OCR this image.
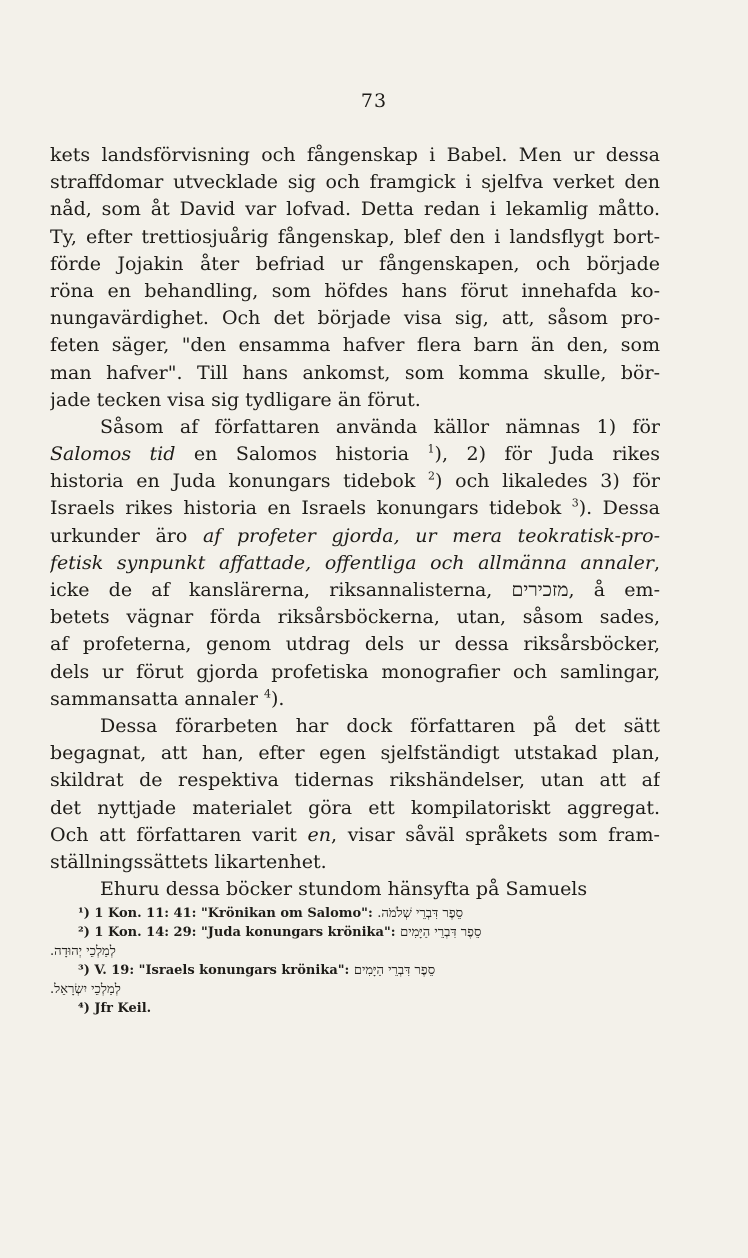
73
kets landsförvisning och fångenskap i Babel. Men ur dessa
straffdomar utvecklade sig och framgick i sjelfva verket den
nåd, som åt David var lofvad. Detta redan i lekamlig måtto.
Ty, efter trettiosjuårig fångenskap, blef den i landsflygt bort-
förde Jojakin åter befriad ur fångenskapen, och började
röna en behandling, som höfdes hans förut innehafda ko-
nungavärdighet. Och det började visa sig, att, såsom pro-
feten säger, "den ensamma hafver flera barn än den, som
man hafver". Till hans ankomst, som komma skulle, bör-
jade tecken visa sig tydligare än förut.
Såsom af författaren använda källor nämnas 1) för
Salomos tid en Salomos historia $^1$), 2) för Juda rikes
historia en Juda konungars tidebok $^2$) och likaledes 3) för
Israels rikes historia en Israels konungars tidebok $^3$). Dessa
urkunder äro af profeter gjorda, ur mera teokratisk-pro-
fetisk synpunkt affattade, offentliga och allmänna annaler,
icke de af kanslärerna, riksannalisterna, מזכירים, å em-
betets vägnar förda riksårsböckerna, utan, såsom sades,
af profeterna, genom utdrag dels ur dessa riksårsböcker,
dels ur förut gjorda profetiska monografier och samlingar,
sammansatta annaler $^4$).
Dessa förarbeten har dock författaren på det sätt
begagnat, att han, efter egen sjelfständigt utstakad plan,
skildrat de respektiva tidernas rikshändelser, utan att af
det nyttjade materialet göra ett kompilatoriskt aggregat.
Och att författaren varit en, visar såväl språkets som fram-
ställningssättets likartenhet.
Ehuru dessa böcker stundom hänsyfta på Samuels
¹) 1 Kon. 11: 41: "Krönikan om Salomo": סֵפֶר דִּבְרֵי שְׁלֹמֹה.
²) 1 Kon. 14: 29: "Juda konungars krönika": סֵפֶר דִּבְרֵי הַיָּמִים
לְמַלְכֵי יְהוּדָה.
³) V. 19: "Israels konungars krönika": סֵפֶר דִּבְרֵי הַיָּמִים
לְמַלְכֵי יִשְׂרָאֵל.
⁴) Jfr Keil.
